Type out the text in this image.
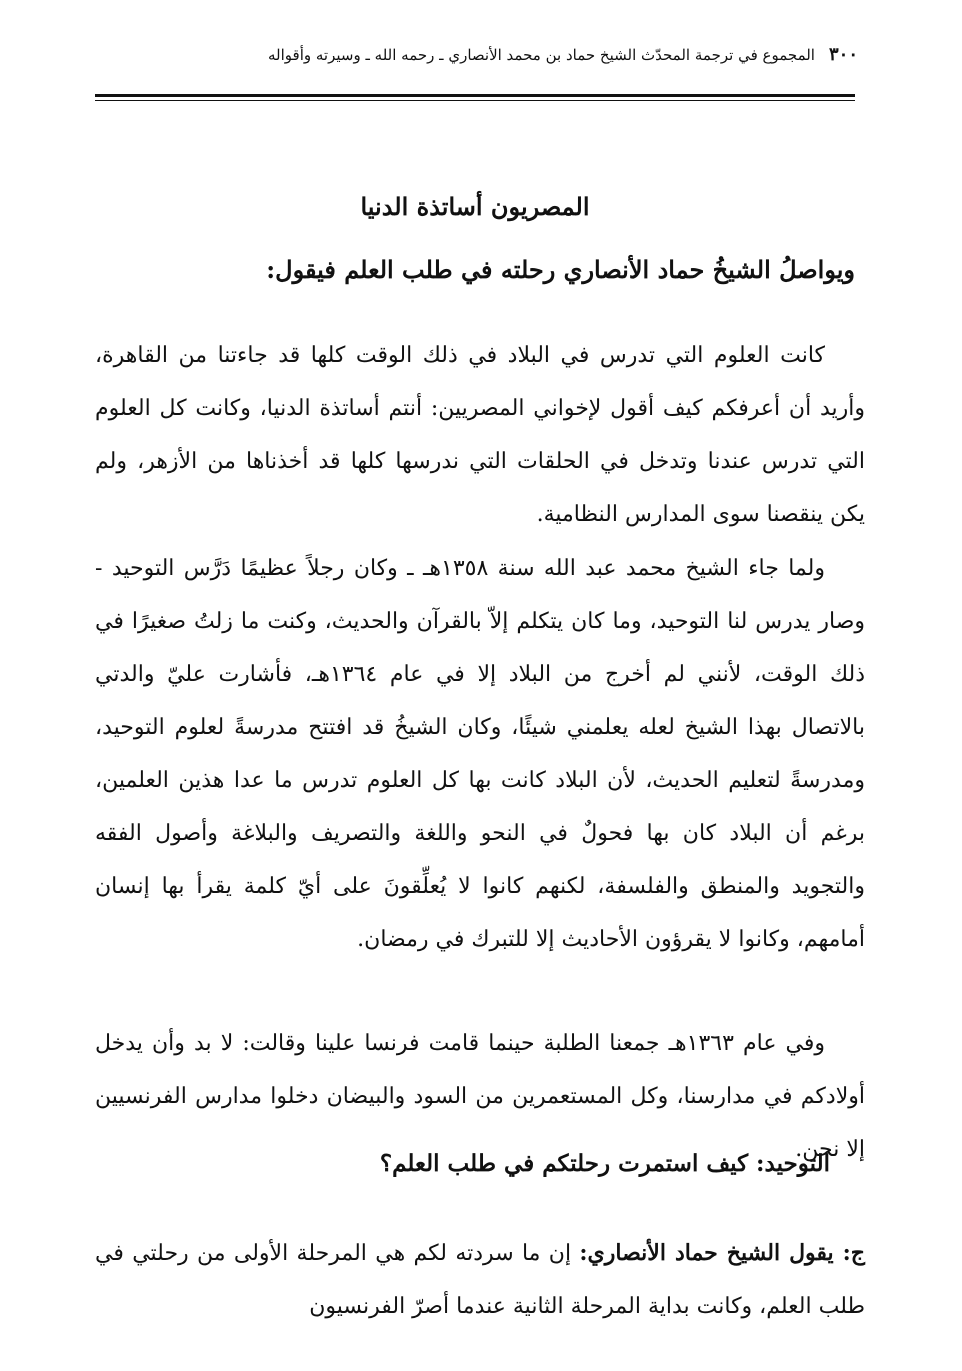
٣٠٠
المجموع في ترجمة المحدّث الشيخ حماد بن محمد الأنصاري ـ رحمه الله ـ وسيرته وأقواله
المصريون أساتذة الدنيا
ويواصلُ الشيخُ حماد الأنصاري رحلته في طلب العلم فيقول:

كانت العلوم التي تدرس في البلاد في ذلك الوقت كلها قد جاءتنا من القاهرة، وأريد أن أعرفكم كيف أقول لإخواني المصريين: أنتم أساتذة الدنيا، وكانت كل العلوم التي تدرس عندنا وتدخل في الحلقات التي ندرسها كلها قد أخذناها من الأزهر، ولم يكن ينقصنا سوى المدارس النظامية.

ولما جاء الشيخ محمد عبد الله سنة ١٣٥٨هـ ـ وكان رجلاً عظيمًا دَرَّس التوحيد - وصار يدرس لنا التوحيد، وما كان يتكلم إلاّ بالقرآن والحديث، وكنت ما زلتُ صغيرًا في ذلك الوقت، لأنني لم أخرج من البلاد إلا في عام ١٣٦٤هـ، فأشارت عليّ والدتي بالاتصال بهذا الشيخ لعله يعلمني شيئًا، وكان الشيخُ قد افتتح مدرسةً لعلوم التوحيد، ومدرسةً لتعليم الحديث، لأن البلاد كانت بها كل العلوم تدرس ما عدا هذين العلمين، برغم أن البلاد كان بها فحولٌ في النحو واللغة والتصريف والبلاغة وأصول الفقه والتجويد والمنطق والفلسفة، لكنهم كانوا لا يُعلِّقونَ على أيّ كلمة يقرأ بها إنسان أمامهم، وكانوا لا يقرؤون الأحاديث إلا للتبرك في رمضان.

وفي عام ١٣٦٣هـ جمعنا الطلبة حينما قامت فرنسا علينا وقالت: لا بد وأن يدخل أولادكم في مدارسنا، وكل المستعمرين من السود والبيضان دخلوا مدارس الفرنسيين إلا نحن.

التوحيد: كيف استمرت رحلتكم في طلب العلم؟

ج: يقول الشيخ حماد الأنصاري: إن ما سردته لكم هي المرحلة الأولى من رحلتي في طلب العلم، وكانت بداية المرحلة الثانية عندما أصرّ الفرنسيون
